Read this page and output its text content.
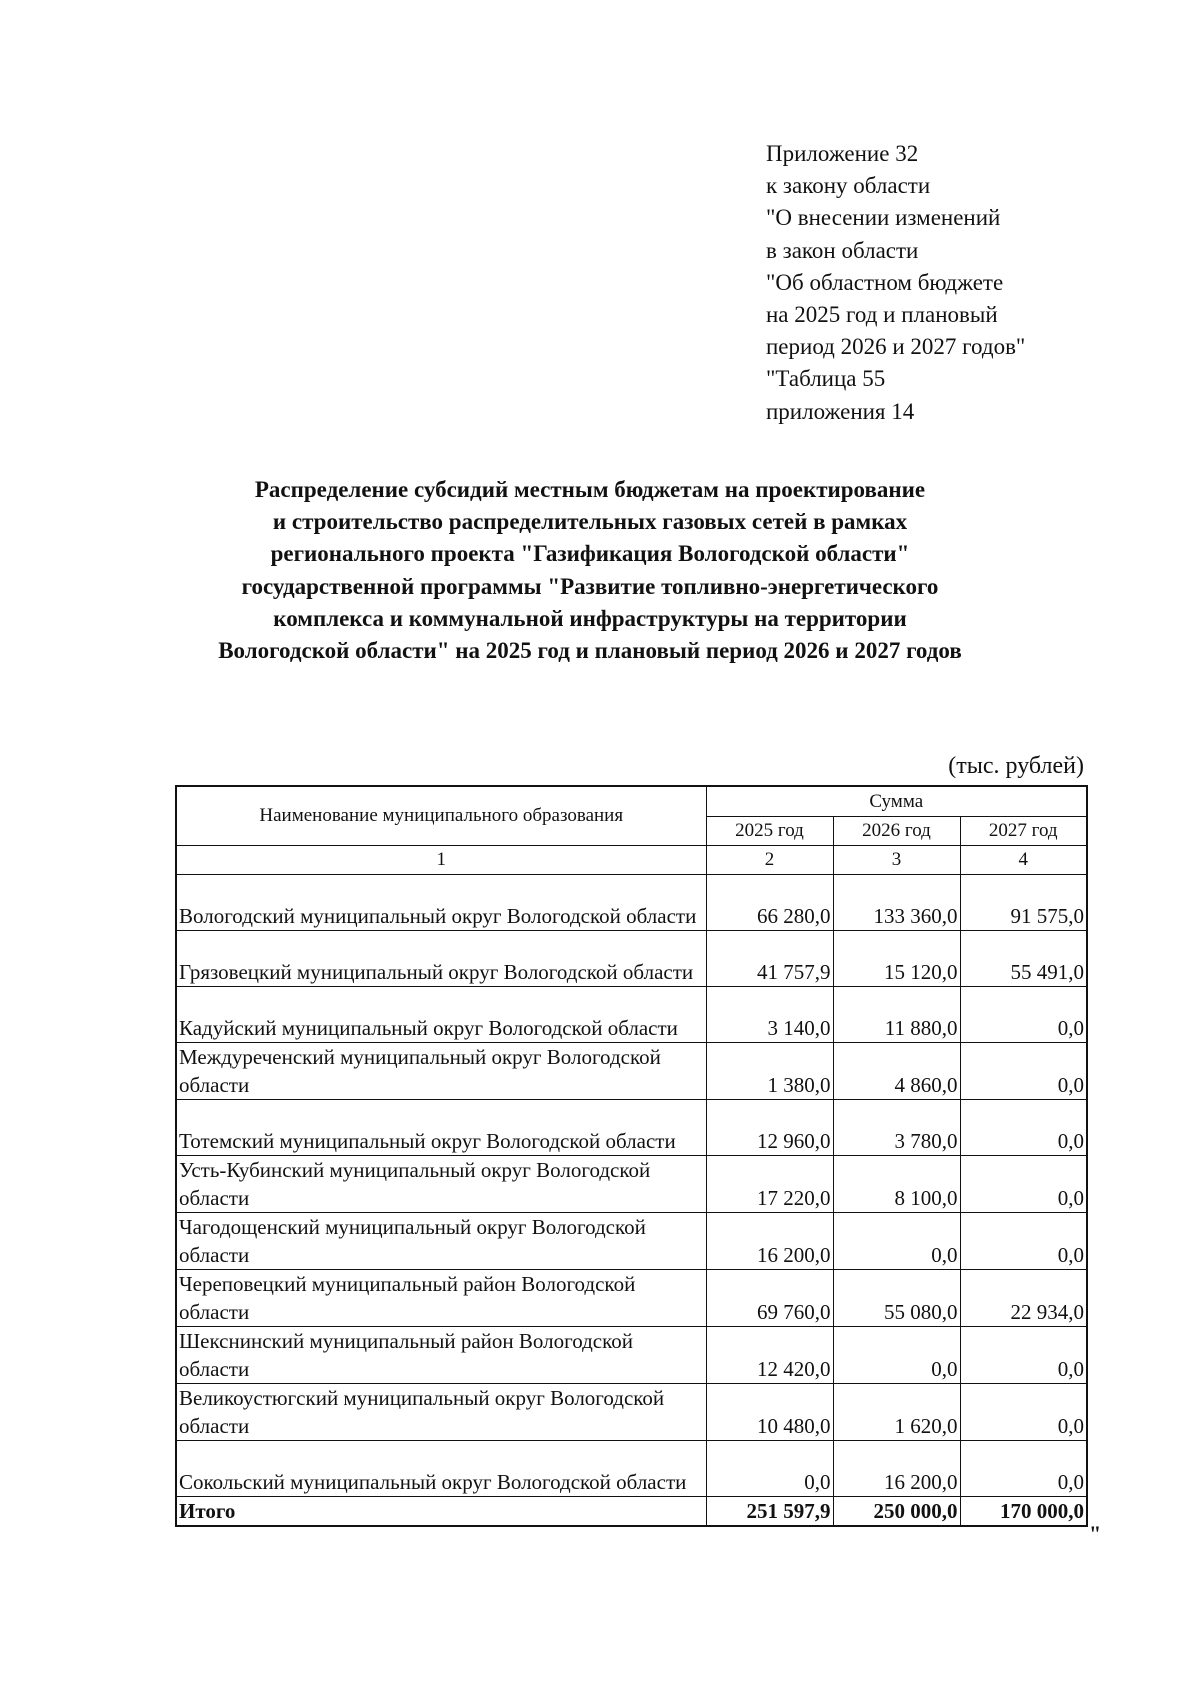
Приложение 32
к закону области
"О внесении изменений
в закон области
"Об областном бюджете
на 2025 год и плановый
период 2026 и 2027 годов"
"Таблица 55
приложения 14
Распределение субсидий местным бюджетам на проектирование
и строительство распределительных газовых сетей в рамках
регионального проекта "Газификация Вологодской области"
государственной программы "Развитие топливно-энергетического
комплекса и коммунальной инфраструктуры на территории
Вологодской области" на 2025 год и плановый период 2026 и 2027 годов
(тыс. рублей)
Наименование муниципального образования	Сумма		
	2025 год	2026 год	2027 год
1	2	3	4
Вологодский муниципальный округ Вологодской области	66 280,0	133 360,0	91 575,0
Грязовецкий муниципальный округ Вологодской области	41 757,9	15 120,0	55 491,0
Кадуйский муниципальный округ Вологодской области	3 140,0	11 880,0	0,0
Междуреченский муниципальный округ Вологодской области	1 380,0	4 860,0	0,0
Тотемский муниципальный округ Вологодской области	12 960,0	3 780,0	0,0
Усть-Кубинский муниципальный округ Вологодской области	17 220,0	8 100,0	0,0
Чагодощенский муниципальный округ Вологодской области	16 200,0	0,0	0,0
Череповецкий муниципальный район Вологодской области	69 760,0	55 080,0	22 934,0
Шекснинский муниципальный район Вологодской области	12 420,0	0,0	0,0
Великоустюгский муниципальный округ Вологодской области	10 480,0	1 620,0	0,0
Сокольский муниципальный округ Вологодской области	0,0	16 200,0	0,0
Итого	251 597,9	250 000,0	170 000,0
"
